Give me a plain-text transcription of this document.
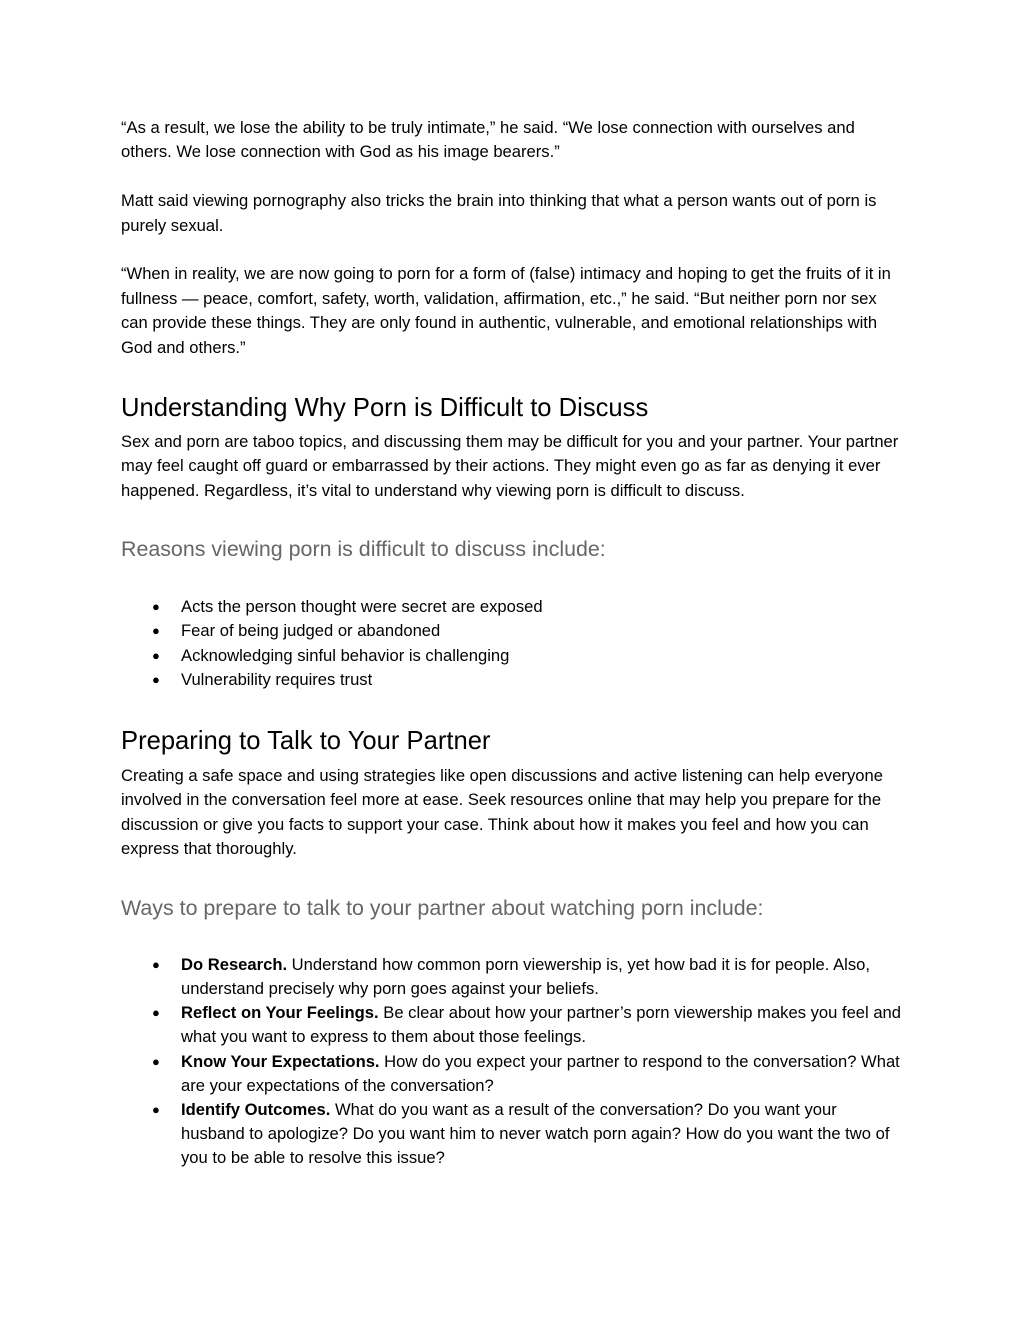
“As a result, we lose the ability to be truly intimate,” he said. “We lose connection with ourselves and others. We lose connection with God as his image bearers.”

Matt said viewing pornography also tricks the brain into thinking that what a person wants out of porn is purely sexual.

“When in reality, we are now going to porn for a form of (false) intimacy and hoping to get the fruits of it in fullness — peace, comfort, safety, worth, validation, affirmation, etc.,” he said. “But neither porn nor sex can provide these things. They are only found in authentic, vulnerable, and emotional relationships with God and others.”

Understanding Why Porn is Difficult to Discuss

Sex and porn are taboo topics, and discussing them may be difficult for you and your partner. Your partner may feel caught off guard or embarrassed by their actions. They might even go as far as denying it ever happened. Regardless, it’s vital to understand why viewing porn is difficult to discuss.

Reasons viewing porn is difficult to discuss include:
● Acts the person thought were secret are exposed
● Fear of being judged or abandoned
● Acknowledging sinful behavior is challenging
● Vulnerability requires trust
Preparing to Talk to Your Partner

Creating a safe space and using strategies like open discussions and active listening can help everyone involved in the conversation feel more at ease. Seek resources online that may help you prepare for the discussion or give you facts to support your case. Think about how it makes you feel and how you can express that thoroughly.

Ways to prepare to talk to your partner about watching porn include:
● Do Research. Understand how common porn viewership is, yet how bad it is for people. Also, understand precisely why porn goes against your beliefs.
● Reflect on Your Feelings. Be clear about how your partner’s porn viewership makes you feel and what you want to express to them about those feelings.
● Know Your Expectations. How do you expect your partner to respond to the conversation? What are your expectations of the conversation?
● Identify Outcomes. What do you want as a result of the conversation? Do you want your husband to apologize? Do you want him to never watch porn again? How do you want the two of you to be able to resolve this issue?
